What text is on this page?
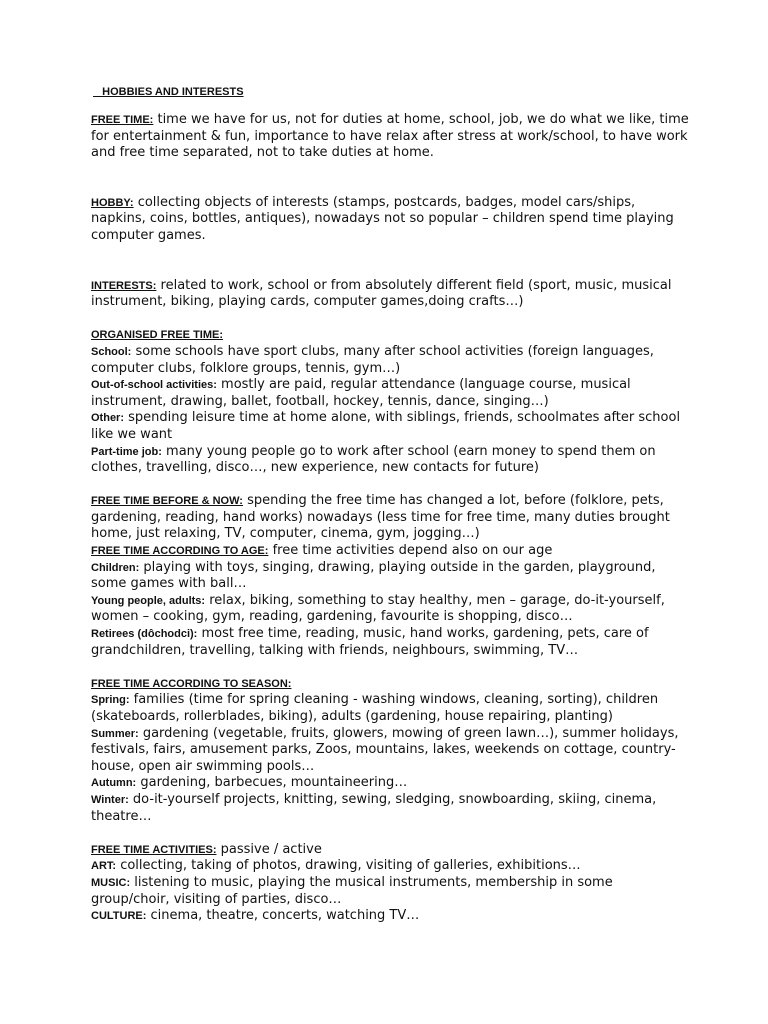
HOBBIES AND INTERESTS

FREE TIME: time we have for us, not for duties at home, school, job, we do what we like, time for entertainment & fun, importance to have relax after stress at work/school, to have work and free time separated, not to take duties at home.

HOBBY: collecting objects of interests (stamps, postcards, badges, model cars/ships, napkins, coins, bottles, antiques), nowadays not so popular – children spend time playing computer games.

INTERESTS: related to work, school or from absolutely different field (sport, music, musical instrument, biking, playing cards, computer games,doing crafts…)

ORGANISED FREE TIME:

School: some schools have sport clubs, many after school activities (foreign languages, computer clubs, folklore groups, tennis, gym…)

Out-of-school activities: mostly are paid, regular attendance (language course, musical instrument, drawing, ballet, football, hockey, tennis, dance, singing…)

Other: spending leisure time at home alone, with siblings, friends, schoolmates after school like we want

Part-time job: many young people go to work after school (earn money to spend them on clothes, travelling, disco…, new experience, new contacts for future)

FREE TIME BEFORE & NOW: spending the free time has changed a lot, before (folklore, pets, gardening, reading, hand works) nowadays (less time for free time, many duties brought home, just relaxing, TV, computer, cinema, gym, jogging…)

FREE TIME ACCORDING TO AGE: free time activities depend also on our age

Children: playing with toys, singing, drawing, playing outside in the garden, playground, some games with ball…

Young people, adults: relax, biking, something to stay healthy, men – garage, do-it-yourself, women – cooking, gym, reading, gardening, favourite is shopping, disco…

Retirees (dôchodci): most free time, reading, music, hand works, gardening, pets, care of grandchildren, travelling, talking with friends, neighbours, swimming, TV…

FREE TIME ACCORDING TO SEASON:

Spring: families (time for spring cleaning - washing windows, cleaning, sorting), children (skateboards, rollerblades, biking), adults (gardening, house repairing, planting)

Summer: gardening (vegetable, fruits, glowers, mowing of green lawn…), summer holidays, festivals, fairs, amusement parks, Zoos, mountains, lakes, weekends on cottage, country-house, open air swimming pools…

Autumn: gardening, barbecues, mountaineering…

Winter: do-it-yourself projects, knitting, sewing, sledging, snowboarding, skiing, cinema, theatre…

FREE TIME ACTIVITIES: passive / active

ART: collecting, taking of photos, drawing, visiting of galleries, exhibitions…

MUSIC: listening to music, playing the musical instruments, membership in some group/choir, visiting of parties, disco…

CULTURE: cinema, theatre, concerts, watching TV…
